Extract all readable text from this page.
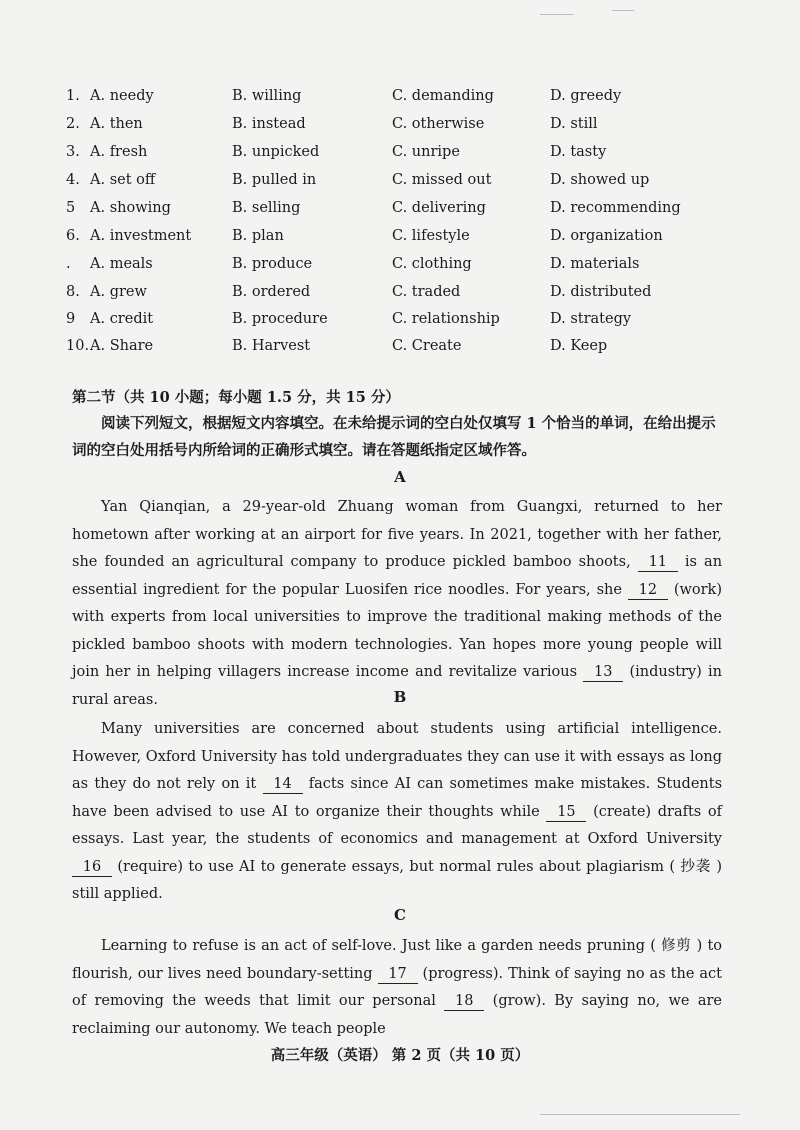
1. A. needy	B. willing	C. demanding	D. greedy
2. A. then	B. instead	C. otherwise	D. still
3. A. fresh	B. unpicked	C. unripe	D. tasty
4. A. set off	B. pulled in	C. missed out	D. showed up
5	A. showing	B. selling	C. delivering	D. recommending
6. A. investment	B. plan	C. lifestyle	D. organization
.	A. meals	B. produce	C. clothing	D. materials
8. A. grew	B. ordered	C. traded	D. distributed
9	A. credit	B. procedure	C. relationship	D. strategy
10. A. Share	B. Harvest	C. Create	D. Keep
第二节（共 10 小题；每小题 1.5 分，共 15 分）
阅读下列短文，根据短文内容填空。在未给提示词的空白处仅填写 1 个恰当的单词，在给出提示词的空白处用括号内所给词的正确形式填空。请在答题纸指定区域作答。
A
Yan Qianqian, a 29-year-old Zhuang woman from Guangxi, returned to her hometown after working at an airport for five years. In 2021, together with her father, she founded an agricultural company to produce pickled bamboo shoots, 11 is an essential ingredient for the popular Luosifen rice noodles. For years, she 12 (work) with experts from local universities to improve the traditional making methods of the pickled bamboo shoots with modern technologies. Yan hopes more young people will join her in helping villagers increase income and revitalize various 13 (industry) in rural areas.	B
Many universities are concerned about students using artificial intelligence. However, Oxford University has told undergraduates they can use it with essays as long as they do not rely on it 14 facts since AI can sometimes make mistakes. Students have been advised to use AI to organize their thoughts while 15 (create) drafts of essays. Last year, the students of economics and management at Oxford University 16 (require) to use AI to generate essays, but normal rules about plagiarism ( 抄袭 ) still applied.
C
Learning to refuse is an act of self-love. Just like a garden needs pruning ( 修剪 ) to flourish, our lives need boundary-setting 17 (progress). Think of saying no as the act of removing the weeds that limit our personal 18 (grow). By saying no, we are reclaiming our autonomy. We teach people
高三年级（英语） 第 2 页（共 10 页）
